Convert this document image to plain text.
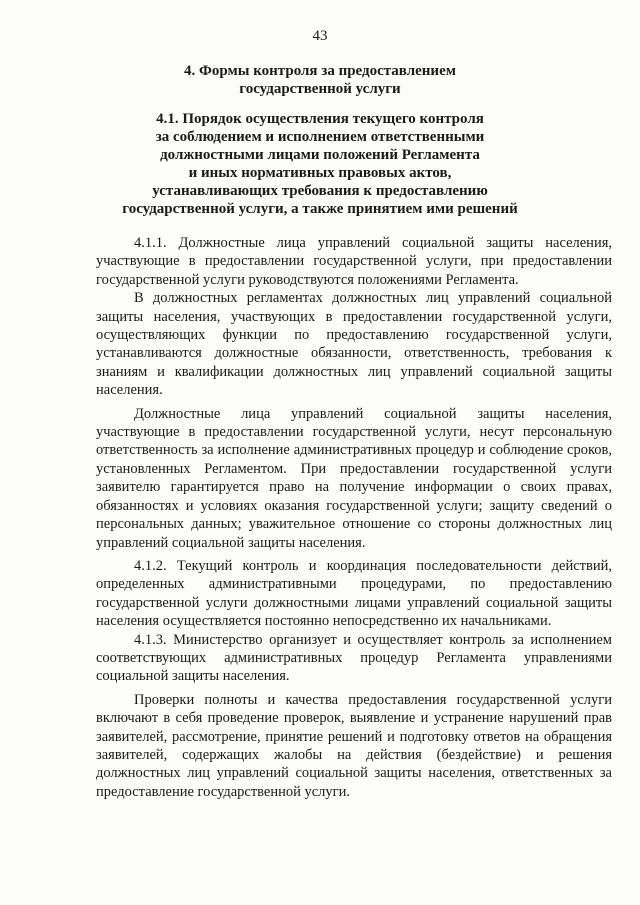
43
4. Формы контроля за предоставлением
государственной услуги
4.1. Порядок осуществления текущего контроля
за соблюдением и исполнением ответственными
должностными лицами положений Регламента
и иных нормативных правовых актов,
устанавливающих требования к предоставлению
государственной услуги, а также принятием ими решений

4.1.1. Должностные лица управлений социальной защиты населения, участвующие в предоставлении государственной услуги, при предоставлении государственной услуги руководствуются положениями Регламента.

В должностных регламентах должностных лиц управлений социальной защиты населения, участвующих в предоставлении государственной услуги, осуществляющих функции по предоставлению государственной услуги, устанавливаются должностные обязанности, ответственность, требования к знаниям и квалификации должностных лиц управлений социальной защиты населения.

Должностные лица управлений социальной защиты населения, участвующие в предоставлении государственной услуги, несут персональную ответственность за исполнение административных процедур и соблюдение сроков, установленных Регламентом. При предоставлении государственной услуги заявителю гарантируется право на получение информации о своих правах, обязанностях и условиях оказания государственной услуги; защиту сведений о персональных данных; уважительное отношение со стороны должностных лиц управлений социальной защиты населения.

4.1.2. Текущий контроль и координация последовательности действий, определенных административными процедурами, по предоставлению государственной услуги должностными лицами управлений социальной защиты населения осуществляется постоянно непосредственно их начальниками.

4.1.3. Министерство организует и осуществляет контроль за исполнением соответствующих административных процедур Регламента управлениями социальной защиты населения.

Проверки полноты и качества предоставления государственной услуги включают в себя проведение проверок, выявление и устранение нарушений прав заявителей, рассмотрение, принятие решений и подготовку ответов на обращения заявителей, содержащих жалобы на действия (бездействие) и решения должностных лиц управлений социальной защиты населения, ответственных за предоставление государственной услуги.
